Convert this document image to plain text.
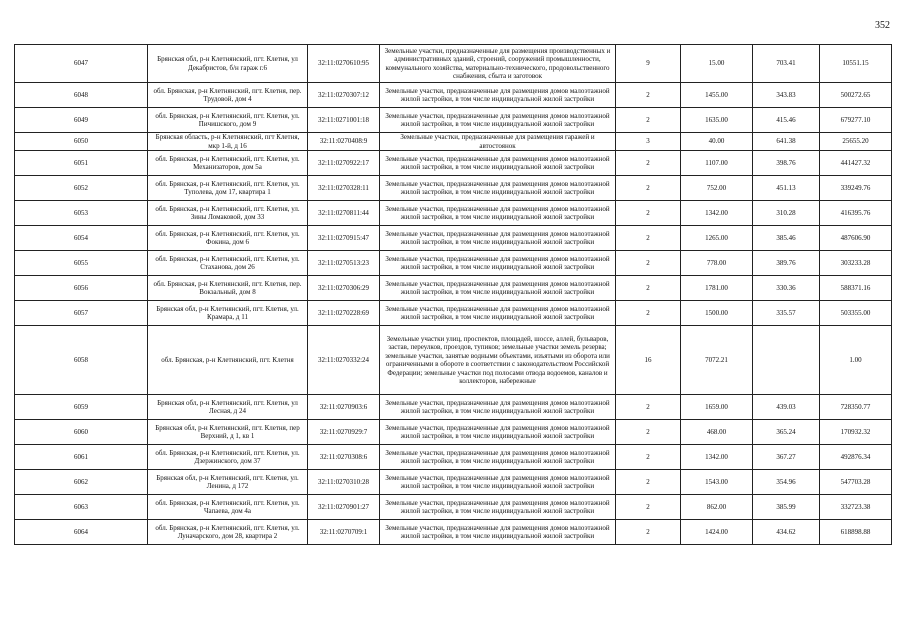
352
6047	Брянская обл, р-н Клетнянский, пгт. Клетня, ул Декабристов, б/н гараж г.6	32:11:0270610:95	Земельные участки, предназначенные для размещения производственных и административных зданий, строений, сооружений промышленности, коммунального хозяйства, материально-технического, продовольственного снабжения, сбыта и заготовок	9	15.00	703.41	10551.15
6048	обл. Брянская, р-н Клетнянский, пгт. Клетня, пер. Трудовой, дом 4	32:11:0270307:12	Земельные участки, предназначенные для размещения домов малоэтажной жилой застройки, в том числе индивидуальной жилой застройки	2	1455.00	343.83	500272.65
6049	обл. Брянская, р-н Клетнянский, пгт. Клетня, ул. Пичишского, дом 9	32:11:0271001:18	Земельные участки, предназначенные для размещения домов малоэтажной жилой застройки, в том числе индивидуальной жилой застройки	2	1635.00	415.46	679277.10
6050	Брянская область, р-н Клетнянский, пгт Клетня, мкр 1-й, д 16	32:11:0270408:9	Земельные участки, предназначенные для размещения гаражей и автостоянок	3	40.00	641.38	25655.20
6051	обл. Брянская, р-н Клетнянский, пгт. Клетня, ул. Механизаторов, дом 5а	32:11:0270922:17	Земельные участки, предназначенные для размещения домов малоэтажной жилой застройки, в том числе индивидуальной жилой застройки	2	1107.00	398.76	441427.32
6052	обл. Брянская, р-н Клетнянский, пгт. Клетня, ул. Туполева, дом 17, квартира 1	32:11:0270328:11	Земельные участки, предназначенные для размещения домов малоэтажной жилой застройки, в том числе индивидуальной жилой застройки	2	752.00	451.13	339249.76
6053	обл. Брянская, р-н Клетнянский, пгт. Клетня, ул. Зины Ломаковой, дом 33	32:11:0270811:44	Земельные участки, предназначенные для размещения домов малоэтажной жилой застройки, в том числе индивидуальной жилой застройки	2	1342.00	310.28	416395.76
6054	обл. Брянская, р-н Клетнянский, пгт. Клетня, ул. Фокина, дом 6	32:11:0270915:47	Земельные участки, предназначенные для размещения домов малоэтажной жилой застройки, в том числе индивидуальной жилой застройки	2	1265.00	385.46	487606.90
6055	обл. Брянская, р-н Клетнянский, пгт. Клетня, ул. Стаханова, дом 26	32:11:0270513:23	Земельные участки, предназначенные для размещения домов малоэтажной жилой застройки, в том числе индивидуальной жилой застройки	2	778.00	389.76	303233.28
6056	обл. Брянская, р-н Клетнянский, пгт. Клетня, пер. Вокзальный, дом 8	32:11:0270306:29	Земельные участки, предназначенные для размещения домов малоэтажной жилой застройки, в том числе индивидуальной жилой застройки	2	1781.00	330.36	588371.16
6057	Брянская обл, р-н Клетнянский, пгт. Клетня, ул. Крамара, д 11	32:11:0270228:69	Земельные участки, предназначенные для размещения домов малоэтажной жилой застройки, в том числе индивидуальной жилой застройки	2	1500.00	335.57	503355.00
6058	обл. Брянская, р-н Клетнянский, пгт. Клетня	32:11:0270332:24	Земельные участки улиц, проспектов, площадей, шоссе, аллей, бульваров, застав, переулков, проездов, тупиков; земельные участки земель резерва; земельные участки, занятые водными объектами, изъятыми из оборота или ограниченными в обороте в соответствии с законодательством Российской Федерации; земельные участки под полосами отвода водоемов, каналов и коллекторов, набережные	16	7072.21		1.00
6059	Брянская обл, р-н Клетнянский, пгт. Клетня, ул Лесная, д 24	32:11:0270903:6	Земельные участки, предназначенные для размещения домов малоэтажной жилой застройки, в том числе индивидуальной жилой застройки	2	1659.00	439.03	728350.77
6060	Брянская обл, р-н Клетнянский, пгт. Клетня, пер Верхний, д 1, кв 1	32:11:0270929:7	Земельные участки, предназначенные для размещения домов малоэтажной жилой застройки, в том числе индивидуальной жилой застройки	2	468.00	365.24	170932.32
6061	обл. Брянская, р-н Клетнянский, пгт. Клетня, ул. Дзержинского, дом 37	32:11:0270308:6	Земельные участки, предназначенные для размещения домов малоэтажной жилой застройки, в том числе индивидуальной жилой застройки	2	1342.00	367.27	492876.34
6062	Брянская обл, р-н Клетнянский, пгт. Клетня, ул. Ленина, д 172	32:11:0270310:28	Земельные участки, предназначенные для размещения домов малоэтажной жилой застройки, в том числе индивидуальной жилой застройки	2	1543.00	354.96	547703.28
6063	обл. Брянская, р-н Клетнянский, пгт. Клетня, ул. Чапаева, дом 4а	32:11:0270901:27	Земельные участки, предназначенные для размещения домов малоэтажной жилой застройки, в том числе индивидуальной жилой застройки	2	862.00	385.99	332723.38
6064	обл. Брянская, р-н Клетнянский, пгт. Клетня, ул. Луначарского, дом 28, квартира 2	32:11:0270709:1	Земельные участки, предназначенные для размещения домов малоэтажной жилой застройки, в том числе индивидуальной жилой застройки	2	1424.00	434.62	618898.88
